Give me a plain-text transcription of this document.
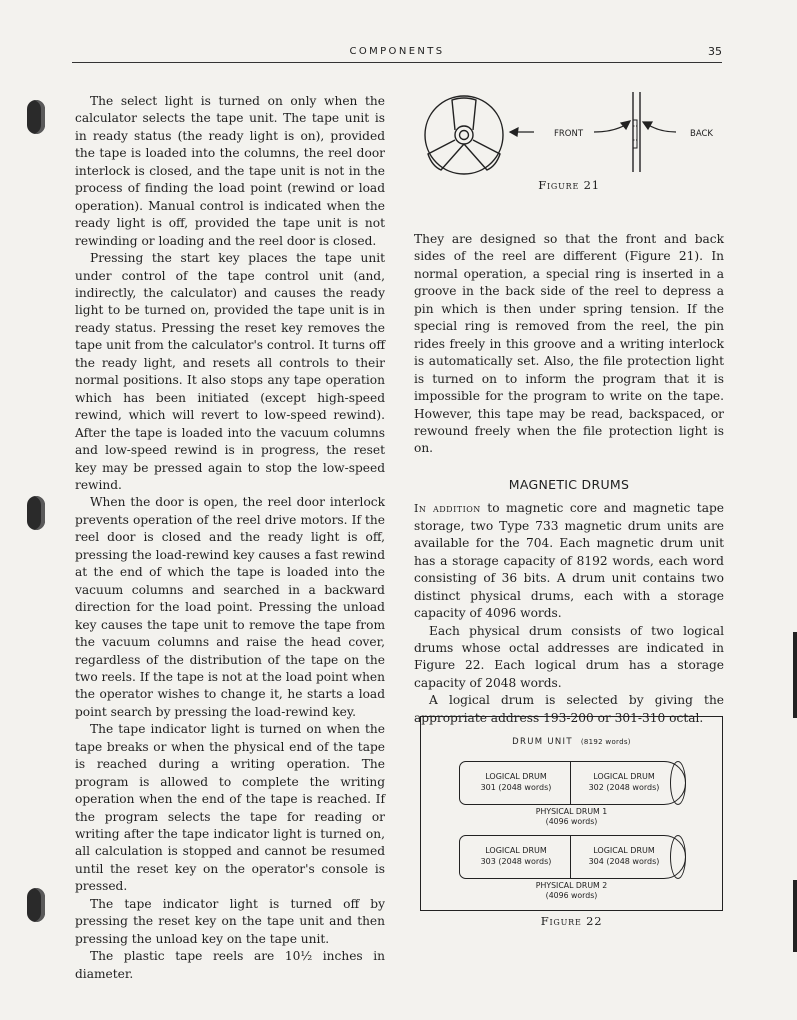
COMPONENTS	35

The select light is turned on only when the calculator selects the tape unit. The tape unit is in ready status (the ready light is on), provided the tape is loaded into the columns, the reel door interlock is closed, and the tape unit is not in the process of finding the load point (rewind or load operation). Manual control is indicated when the ready light is off, provided the tape unit is not rewinding or loading and the reel door is closed.

Pressing the start key places the tape unit under control of the tape control unit (and, indirectly, the calculator) and causes the ready light to be turned on, provided the tape unit is in ready status. Pressing the reset key removes the tape unit from the calculator's control. It turns off the ready light, and resets all controls to their normal positions. It also stops any tape operation which has been initiated (except high-speed rewind, which will revert to low-speed rewind). After the tape is loaded into the vacuum columns and low-speed rewind is in progress, the reset key may be pressed again to stop the low-speed rewind.

When the door is open, the reel door interlock prevents operation of the reel drive motors. If the reel door is closed and the ready light is off, pressing the load-rewind key causes a fast rewind at the end of which the tape is loaded into the vacuum columns and searched in a backward direction for the load point. Pressing the unload key causes the tape unit to remove the tape from the vacuum columns and raise the head cover, regardless of the distribution of the tape on the two reels. If the tape is not at the load point when the operator wishes to change it, he starts a load point search by pressing the load-rewind key.

The tape indicator light is turned on when the tape breaks or when the physical end of the tape is reached during a writing operation. The program is allowed to complete the writing operation when the end of the tape is reached. If the program selects the tape for reading or writing after the tape indicator light is turned on, all calculation is stopped and cannot be resumed until the reset key on the operator's console is pressed.

The tape indicator light is turned off by pressing the reset key on the tape unit and then pressing the unload key on the tape unit.

The plastic tape reels are 10½ inches in diameter.

FRONT	BACK
Figure 21

They are designed so that the front and back sides of the reel are different (Figure 21). In normal operation, a special ring is inserted in a groove in the back side of the reel to depress a pin which is then under spring tension. If the special ring is removed from the reel, the pin rides freely in this groove and a writing interlock is automatically set. Also, the file protection light is turned on to inform the program that it is impossible for the program to write on the tape. However, this tape may be read, backspaced, or rewound freely when the file protection light is on.

MAGNETIC DRUMS

In addition to magnetic core and magnetic tape storage, two Type 733 magnetic drum units are available for the 704. Each magnetic drum unit has a storage capacity of 8192 words, each word consisting of 36 bits. A drum unit contains two distinct physical drums, each with a storage capacity of 4096 words.

Each physical drum consists of two logical drums whose octal addresses are indicated in Figure 22. Each logical drum has a storage capacity of 2048 words.

A logical drum is selected by giving the appropriate address 193-200 or 301-310 octal.

DRUM UNIT (8192 words)
LOGICAL DRUM
301 (2048 words)
LOGICAL DRUM
302 (2048 words)
PHYSICAL DRUM 1
(4096 words)
LOGICAL DRUM
303 (2048 words)
LOGICAL DRUM
304 (2048 words)
PHYSICAL DRUM 2
(4096 words)
Figure 22
